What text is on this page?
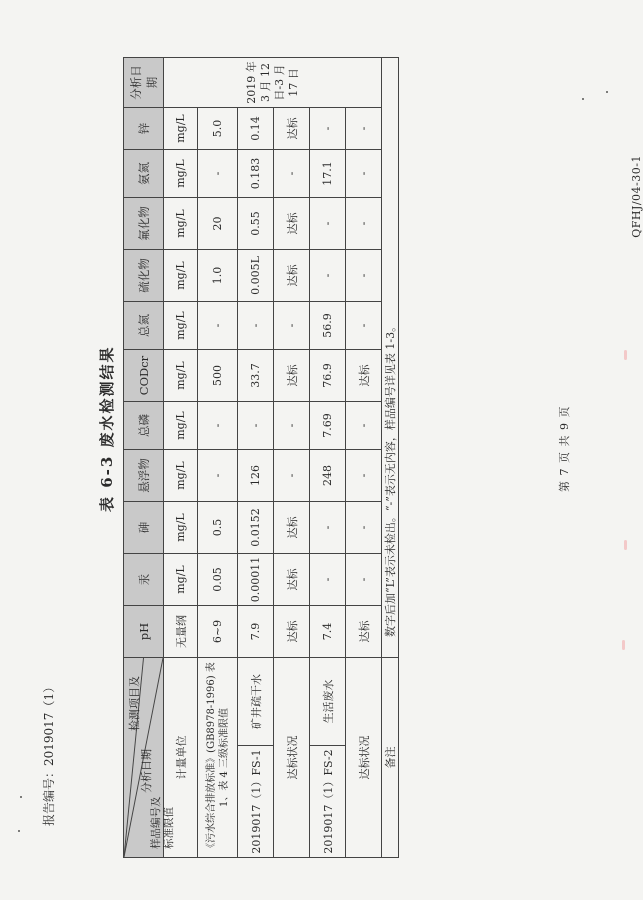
QFHJ/04-30-1
报告编号：2019017（1）
表 6-3 废水检测结果
检测项目及
分析日期
样品编号及
标准限值		pH	汞	砷	悬浮物	总磷	CODcr	总氮	硫化物	氟化物	氨氮	锌	分析日期
计量单位		无量纲	mg/L	mg/L	mg/L	mg/L	mg/L	mg/L	mg/L	mg/L	mg/L	mg/L	2019 年 3 月 12 日-3 月 17 日
《污水综合排放标准》(GB8978-1996) 表 1、表 4 三级标准限值		6~9	0.05	0.5	-	-	500	-	1.0	20	-	5.0	
2019017（1）FS-1	矿井疏干水	7.9	0.00011	0.0152	126	-	33.7	-	0.005L	0.55	0.183	0.14	
达标状况		达标	达标	达标	-	-	达标	-	达标	达标	-	达标	
2019017（1）FS-2	生活废水	7.4	-	-	248	7.69	76.9	56.9	-	-	17.1	-	
达标状况		达标	-	-	-	-	达标	-	-	-	-	-	
备注		数字后加“L”表示未检出。“-”表示无内容，样品编号详见表 1-3。												第 7 页 共 9 页
